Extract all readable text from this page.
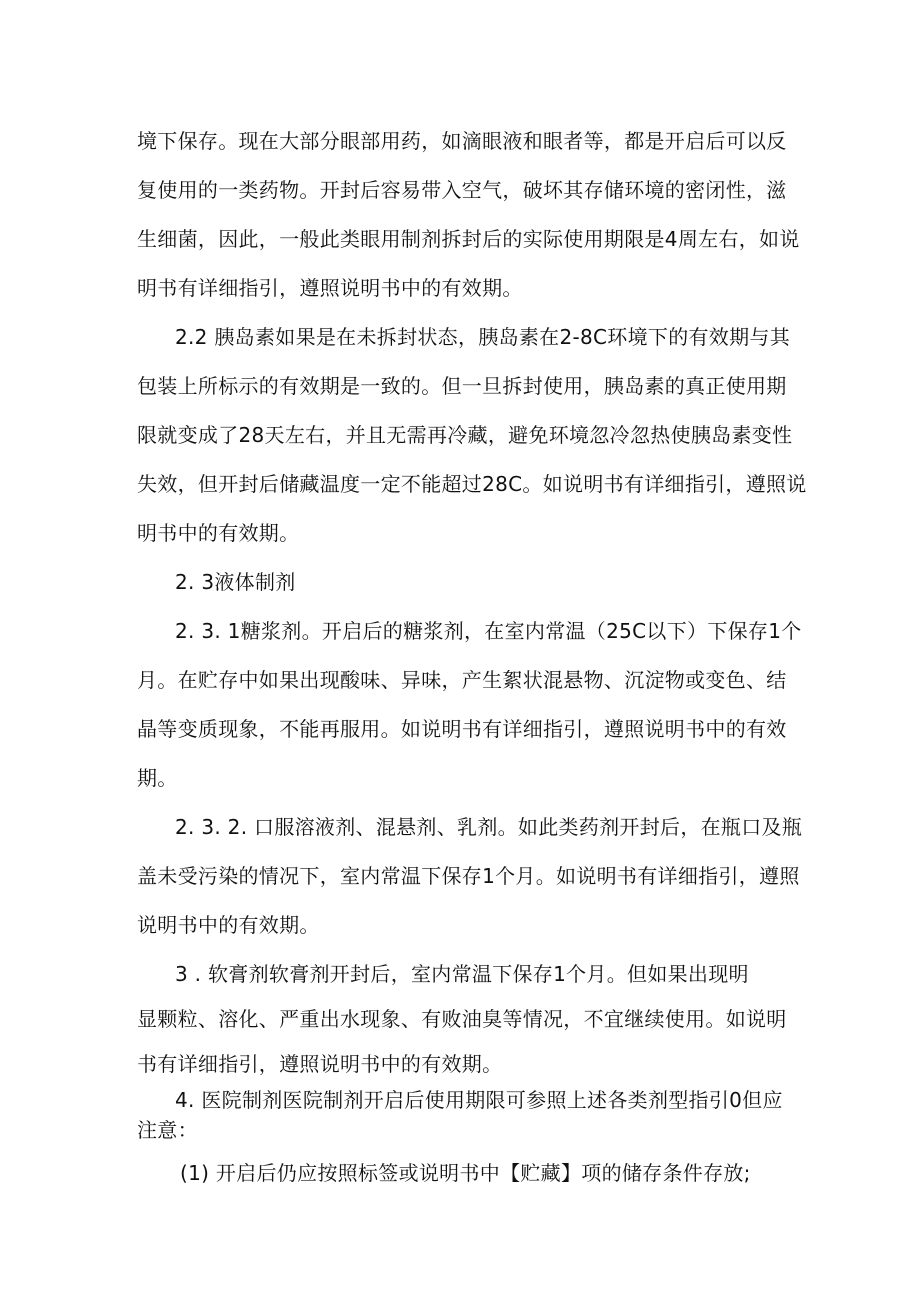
境下保存。现在大部分眼部用药，如滴眼液和眼者等，都是开启后可以反
复使用的一类药物。开封后容易带入空气，破坏其存储环境的密闭性，滋
生细菌，因此，一般此类眼用制剂拆封后的实际使用期限是4周左右，如说
明书有详细指引，遵照说明书中的有效期。
2.2 胰岛素如果是在未拆封状态，胰岛素在2-8C环境下的有效期与其
包装上所标示的有效期是一致的。但一旦拆封使用，胰岛素的真正使用期
限就变成了28天左右，并且无需再冷藏，避免环境忽冷忽热使胰岛素变性
失效，但开封后储藏温度一定不能超过28C。如说明书有详细指引，遵照说
明书中的有效期。
2. 3液体制剂
2. 3. 1糖浆剂。开启后的糖浆剂，在室内常温（25C以下）下保存1个
月。在贮存中如果出现酸味、异味，产生絮状混悬物、沉淀物或变色、结
晶等变质现象，不能再服用。如说明书有详细指引，遵照说明书中的有效
期。
2. 3. 2. 口服溶液剂、混悬剂、乳剂。如此类药剂开封后，在瓶口及瓶
盖未受污染的情况下，室内常温下保存1个月。如说明书有详细指引，遵照
说明书中的有效期。
3 . 软膏剂软膏剂开封后，室内常温下保存1个月。但如果出现明
显颗粒、溶化、严重出水现象、有败油臭等情况，不宜继续使用。如说明
书有详细指引，遵照说明书中的有效期。
4. 医院制剂医院制剂开启后使用期限可参照上述各类剂型指引0但应
注意：
(1) 开启后仍应按照标签或说明书中【贮藏】项的储存条件存放;
